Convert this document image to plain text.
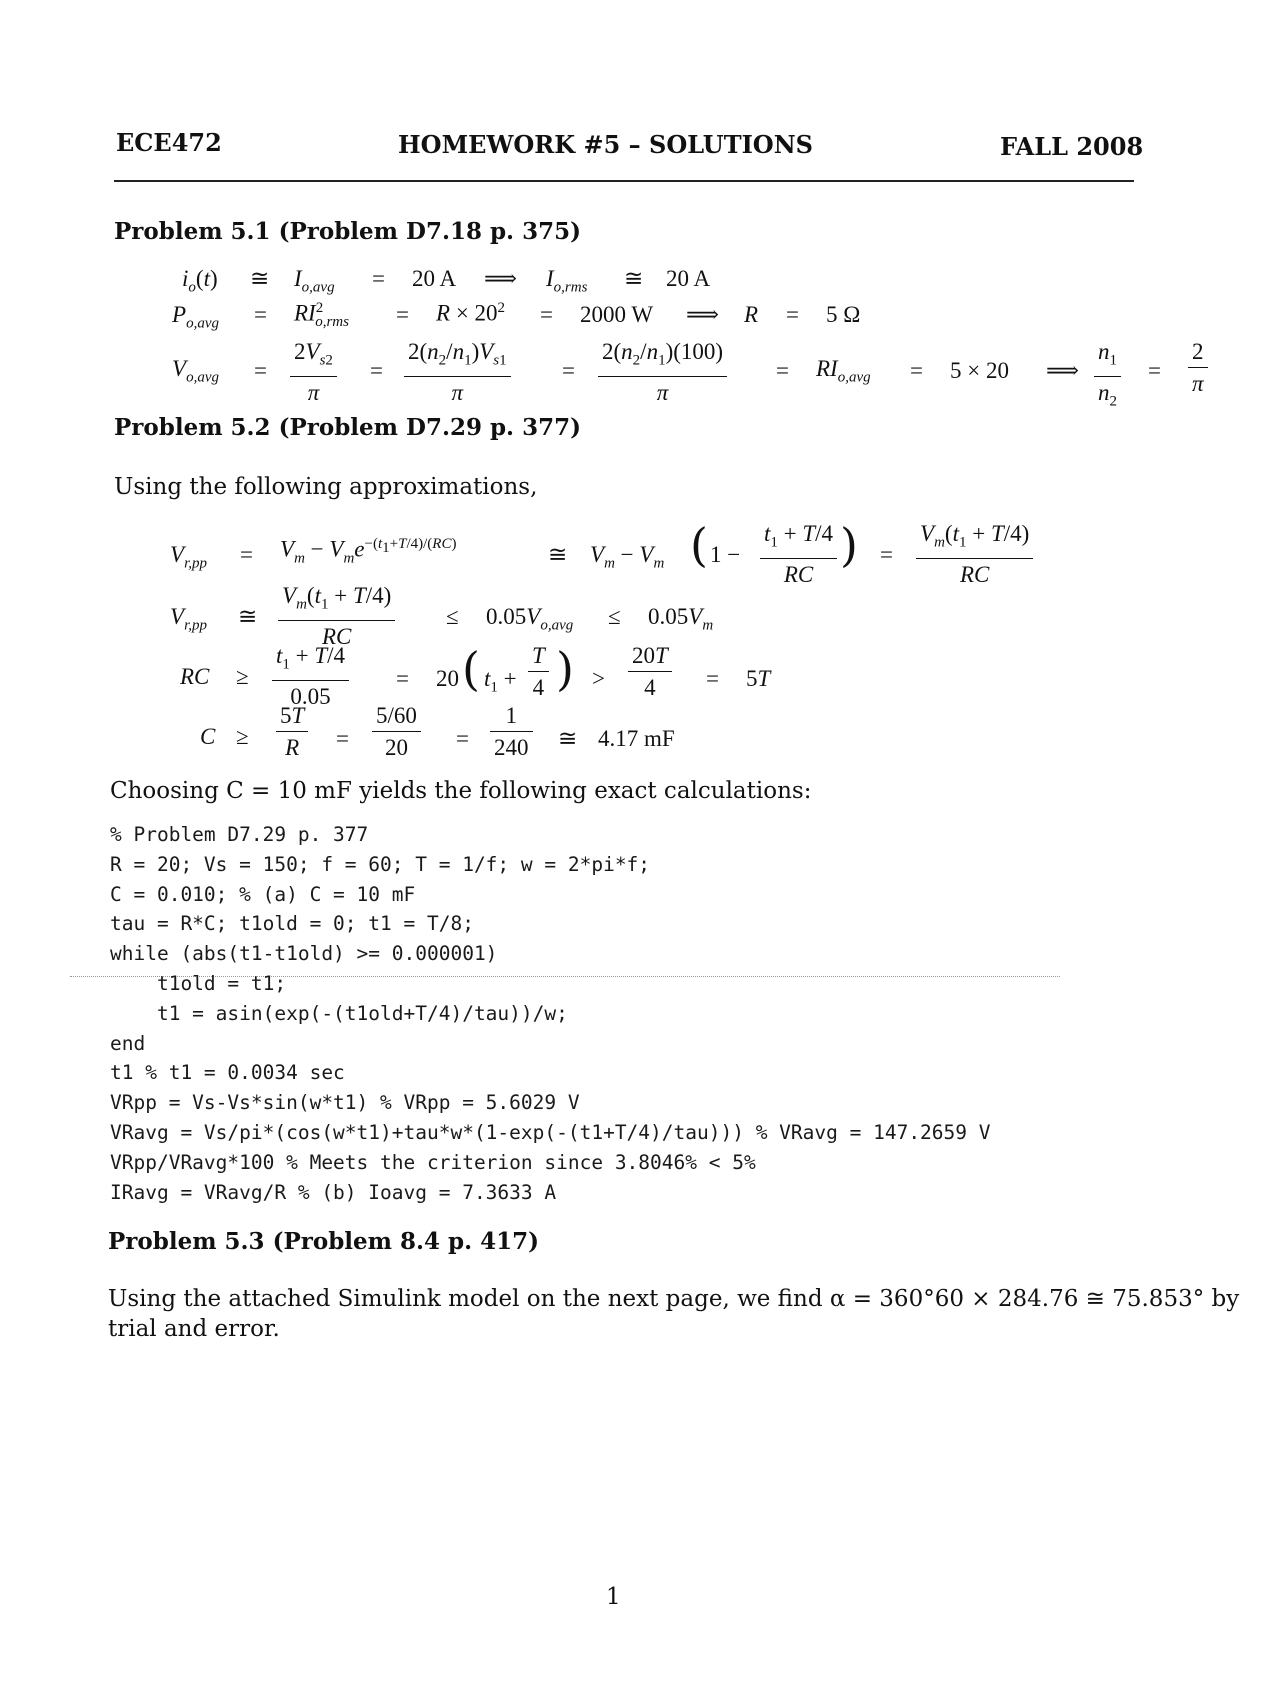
ECE472	HOMEWORK #5 – SOLUTIONS	FALL 2008
Problem 5.1 (Problem D7.18 p. 375)
$i_o(t)$ ≅ $I_{o,avg} = 20$ A ⟹ $I_{o,rms}$ ≅ 20 A
$P_{o,avg} = RI^2_{o,rms} = R \times 20^2 = 2000$ W ⟹ R = 5 Ω
$V_{o,avg} = \frac{2V_{s2}}{\pi} = \frac{2(n_2/n_1)V_{s1}}{\pi} = \frac{2(n_2/n_1)(100)}{\pi} = RI_{o,avg} = 5 \times 20$ ⟹ $\frac{n_1}{n_2} = \frac{2}{\pi}$
Problem 5.2 (Problem D7.29 p. 377)
Using the following approximations,
$V_{r,pp} = V_m - V_me^{-(t_1+T/4)/(RC)}$	≅ $V_m - V_m$ ( $1 - \frac{t_1 + T/4}{RC}$ ) = $\frac{V_m(t_1 + T/4)}{RC}$
$V_{r,pp}$ ≅ $\frac{V_m(t_1 + T/4)}{RC} \le 0.05V_{o,avg} \le 0.05V_m$
RC ≥ $\frac{t_1 + T/4}{0.05} = 20$ ( $t_1 + \frac{T}{4}$ ) > $\frac{20T}{4} = 5T$
$C \ge \frac{5T}{R} = \frac{5/60}{20} = \frac{1}{240}$ ≅ 4.17 mF
Choosing C = 10 mF yields the following exact calculations:
% Problem D7.29 p. 377
R = 20; Vs = 150; f = 60; T = 1/f; w = 2*pi*f;
C = 0.010; % (a) C = 10 mF
tau = R*C; t1old = 0; t1 = T/8;
while (abs(t1-t1old) >= 0.000001)
t1old = t1;
t1 = asin(exp(-(t1old+T/4)/tau))/w;
end
t1 % t1 = 0.0034 sec
VRpp = Vs-Vs*sin(w*t1) % VRpp = 5.6029 V
VRavg = Vs/pi*(cos(w*t1)+tau*w*(1-exp(-(t1+T/4)/tau))) % VRavg = 147.2659 V
VRpp/VRavg*100 % Meets the criterion since 3.8046% < 5%
IRavg = VRavg/R % (b) Ioavg = 7.3633 A
Problem 5.3 (Problem 8.4 p. 417)
Using the attached Simulink model on the next page, we find α = 360°60 × 284.76 ≅ 75.853° by
trial and error.
1
